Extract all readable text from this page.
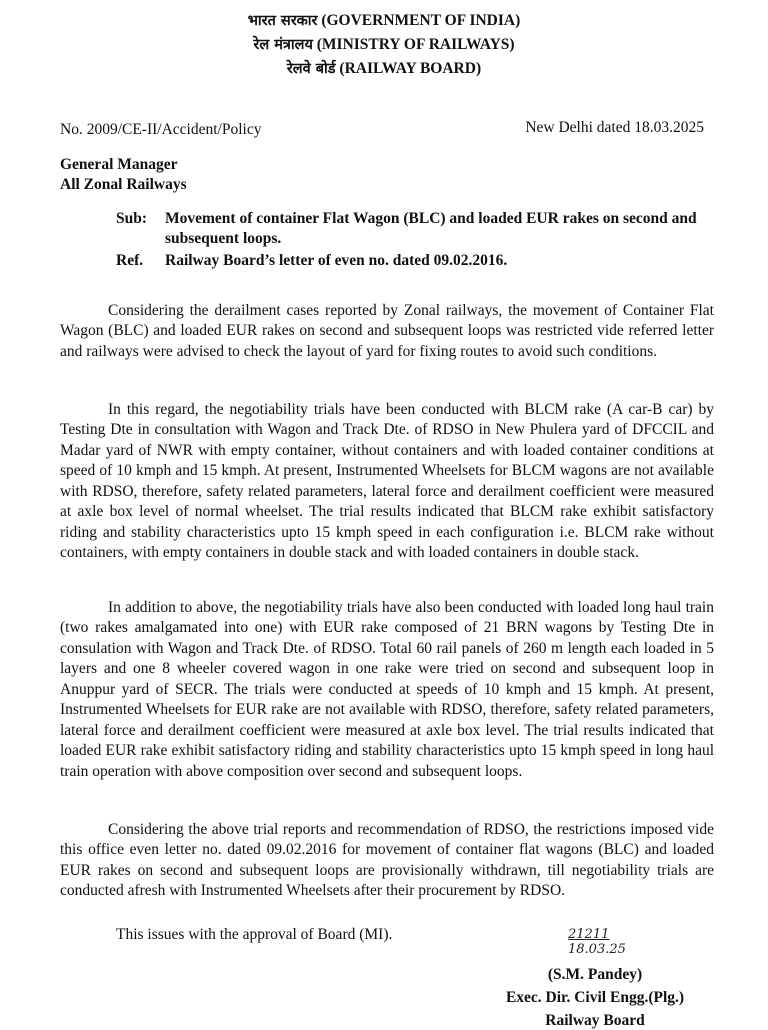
भारत सरकार (GOVERNMENT OF INDIA)
रेल मंत्रालय (MINISTRY OF RAILWAYS)
रेलवे बोर्ड (RAILWAY BOARD)
No. 2009/CE-II/Accident/Policy	New Delhi dated 18.03.2025
General Manager
All Zonal Railways
Sub: Movement of container Flat Wagon (BLC) and loaded EUR rakes on second and subsequent loops.
Ref. Railway Board’s letter of even no. dated 09.02.2016.

Considering the derailment cases reported by Zonal railways, the movement of Container Flat Wagon (BLC) and loaded EUR rakes on second and subsequent loops was restricted vide referred letter and railways were advised to check the layout of yard for fixing routes to avoid such conditions.

In this regard, the negotiability trials have been conducted with BLCM rake (A car-B car) by Testing Dte in consultation with Wagon and Track Dte. of RDSO in New Phulera yard of DFCCIL and Madar yard of NWR with empty container, without containers and with loaded container conditions at speed of 10 kmph and 15 kmph. At present, Instrumented Wheelsets for BLCM wagons are not available with RDSO, therefore, safety related parameters, lateral force and derailment coefficient were measured at axle box level of normal wheelset. The trial results indicated that BLCM rake exhibit satisfactory riding and stability characteristics upto 15 kmph speed in each configuration i.e. BLCM rake without containers, with empty containers in double stack and with loaded containers in double stack.

In addition to above, the negotiability trials have also been conducted with loaded long haul train (two rakes amalgamated into one) with EUR rake composed of 21 BRN wagons by Testing Dte in consulation with Wagon and Track Dte. of RDSO. Total 60 rail panels of 260 m length each loaded in 5 layers and one 8 wheeler covered wagon in one rake were tried on second and subsequent loop in Anuppur yard of SECR. The trials were conducted at speeds of 10 kmph and 15 kmph. At present, Instrumented Wheelsets for EUR rake are not available with RDSO, therefore, safety related parameters, lateral force and derailment coefficient were measured at axle box level. The trial results indicated that loaded EUR rake exhibit satisfactory riding and stability characteristics upto 15 kmph speed in long haul train operation with above composition over second and subsequent loops.

Considering the above trial reports and recommendation of RDSO, the restrictions imposed vide this office even letter no. dated 09.02.2016 for movement of container flat wagons (BLC) and loaded EUR rakes on second and subsequent loops are provisionally withdrawn, till negotiability trials are conducted afresh with Instrumented Wheelsets after their procurement by RDSO.

This issues with the approval of Board (MI).	21211
18.03.25
(S.M. Pandey)
Exec. Dir. Civil Engg.(Plg.)
Railway Board
